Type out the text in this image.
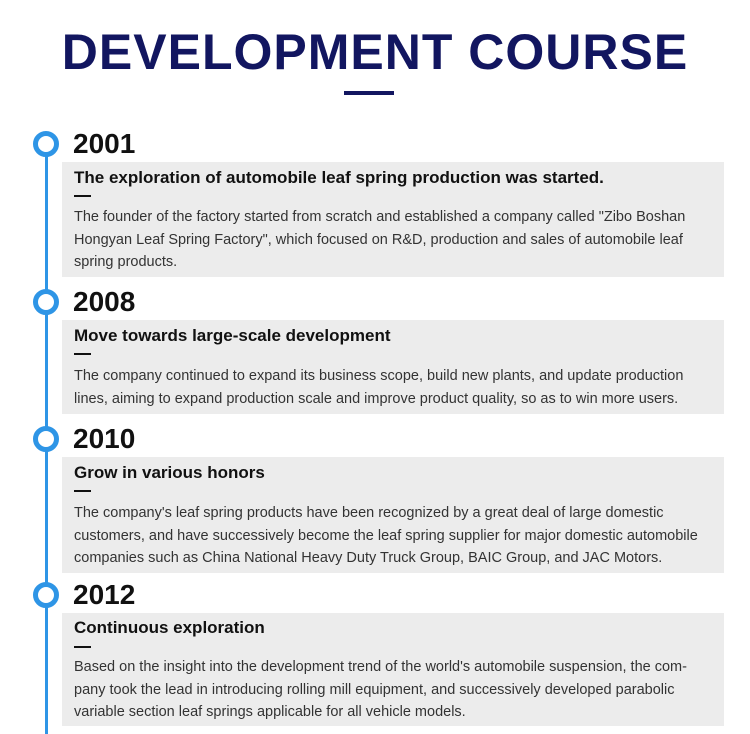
DEVELOPMENT COURSE
2001
The exploration of automobile leaf spring production was started.
The founder of the factory started from scratch and established a company called "Zibo Boshan Hongyan Leaf Spring Factory", which focused on R&D, production and sales of automobile leaf spring products.
2008
Move towards large-scale development
The company continued to expand its business scope, build new plants, and update production lines, aiming to expand production scale and improve product quality, so as to win more users.
2010
Grow in various honors
The company's leaf spring products have been recognized by a great deal of large domestic customers, and have successively become the leaf spring supplier for major domestic automobile companies such as China National Heavy Duty Truck Group, BAIC Group, and JAC Motors.
2012
Continuous exploration
Based on the insight into the development trend of the world's automobile suspension, the com-pany took the lead in introducing rolling mill equipment, and successively developed parabolic variable section leaf springs applicable for all vehicle models.
